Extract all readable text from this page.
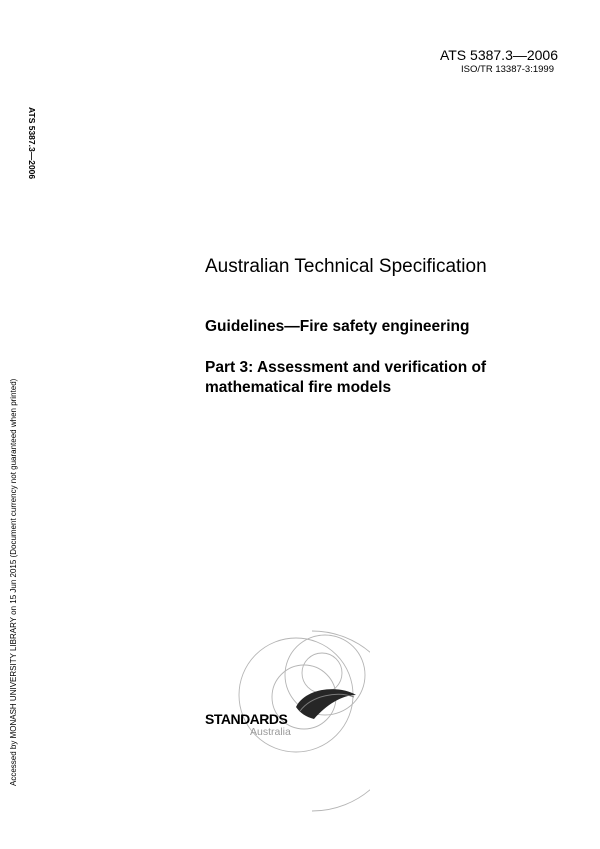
ATS 5387.3—2006
ISO/TR 13387-3:1999
ATS 5387.3—2006
Accessed by MONASH UNIVERSITY LIBRARY on 15 Jun 2015 (Document currency not guaranteed when printed)
Australian Technical Specification
Guidelines—Fire safety engineering
Part 3: Assessment and verification of mathematical fire models
STANDARDS
Australia
